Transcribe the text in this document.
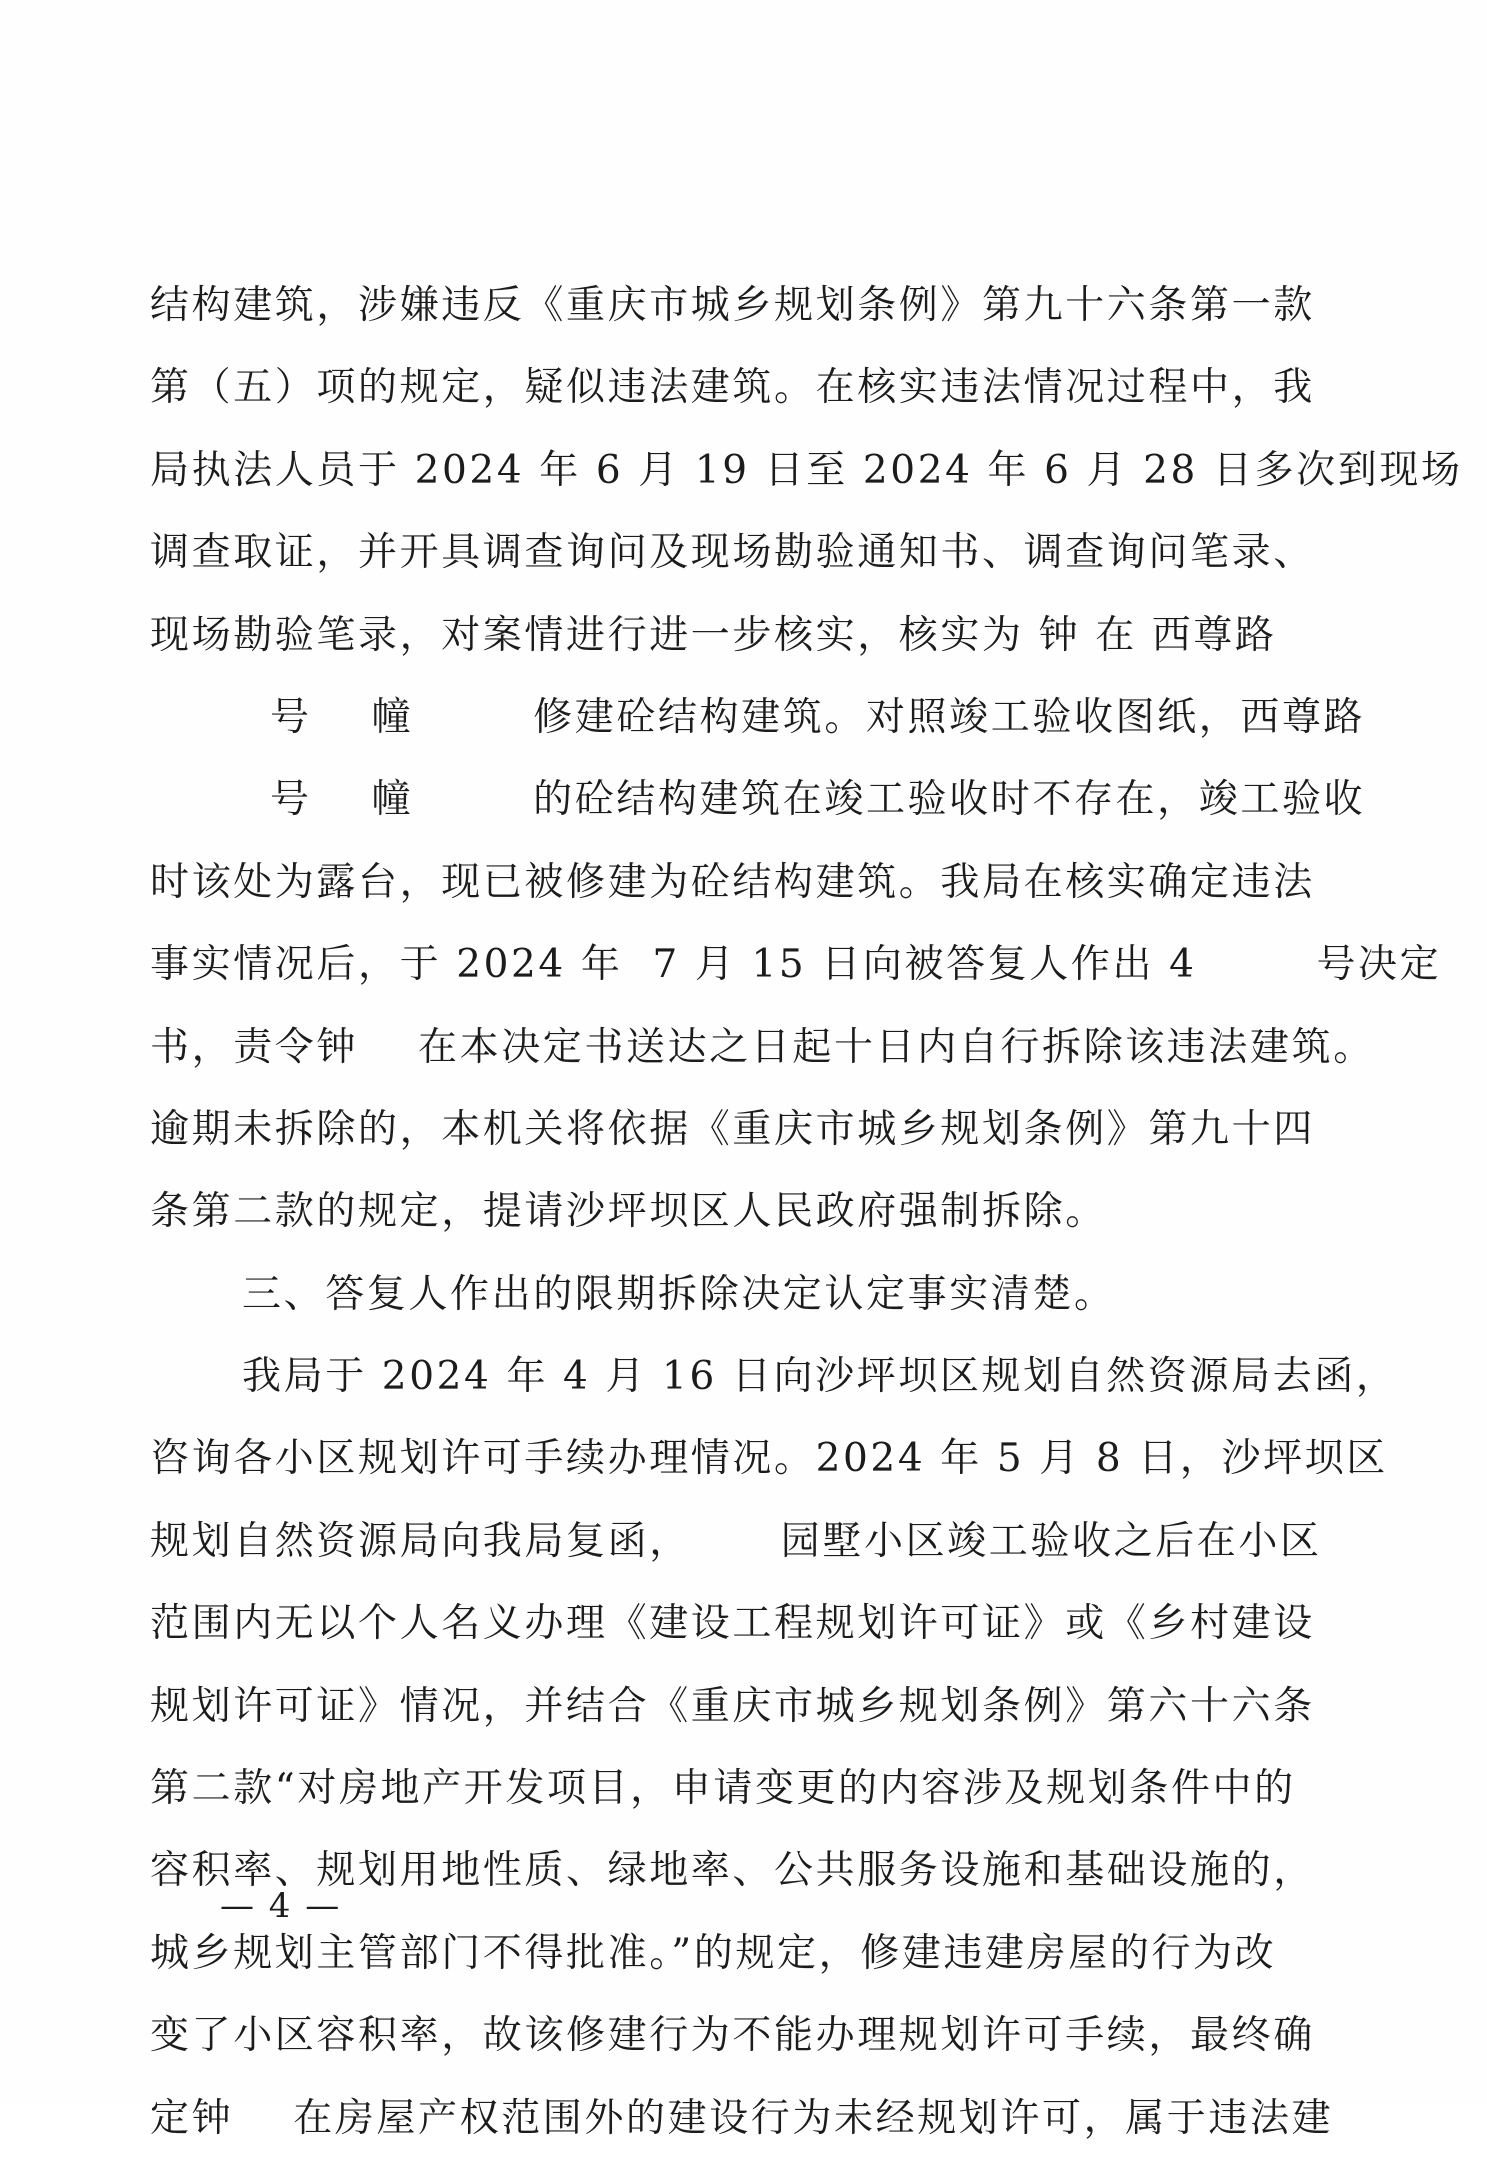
结构建筑，涉嫌违反《重庆市城乡规划条例》第九十六条第一款
第（五）项的规定，疑似违法建筑。在核实违法情况过程中，我
局执法人员于 2024 年 6 月 19 日至 2024 年 6 月 28 日多次到现场
调查取证，并开具调查询问及现场勘验通知书、调查询问笔录、
现场勘验笔录，对案情进行进一步核实，核实为 钟 在 西尊路
号    幢        修建砼结构建筑。对照竣工验收图纸，西尊路
号    幢        的砼结构建筑在竣工验收时不存在，竣工验收
时该处为露台，现已被修建为砼结构建筑。我局在核实确定违法
事实情况后，于 2024 年  7 月 15 日向被答复人作出 4        号决定
书，责令钟    在本决定书送达之日起十日内自行拆除该违法建筑。
逾期未拆除的，本机关将依据《重庆市城乡规划条例》第九十四
条第二款的规定，提请沙坪坝区人民政府强制拆除。
三、答复人作出的限期拆除决定认定事实清楚。
我局于 2024 年 4 月 16 日向沙坪坝区规划自然资源局去函，
咨询各小区规划许可手续办理情况。2024 年 5 月 8 日，沙坪坝区
规划自然资源局向我局复函，      园墅小区竣工验收之后在小区
范围内无以个人名义办理《建设工程规划许可证》或《乡村建设
规划许可证》情况，并结合《重庆市城乡规划条例》第六十六条
第二款“对房地产开发项目，申请变更的内容涉及规划条件中的
容积率、规划用地性质、绿地率、公共服务设施和基础设施的，
城乡规划主管部门不得批准。”的规定，修建违建房屋的行为改
变了小区容积率，故该修建行为不能办理规划许可手续，最终确
定钟    在房屋产权范围外的建设行为未经规划许可，属于违法建
— 4 —
